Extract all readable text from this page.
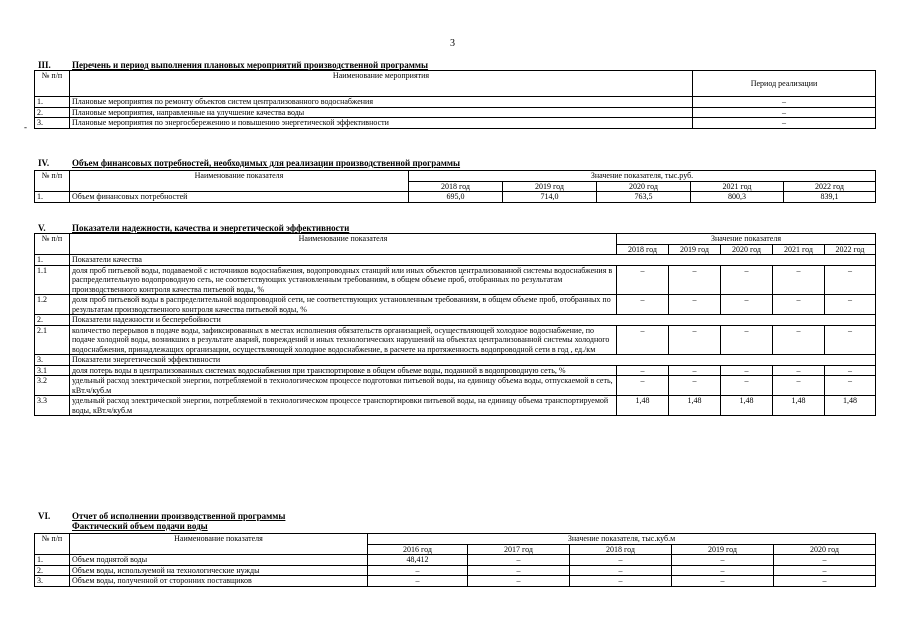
3
III. Перечень и период выполнения плановых мероприятий производственной программы
-
№ п/п	Наименование мероприятия	Период реализации
1.	Плановые мероприятия по ремонту объектов систем централизованного водоснабжения	–
2.	Плановые мероприятия, направленные на улучшение качества воды	–
3.	Плановые мероприятия по энергосбережению и повышению энергетической эффективности	–
IV.	Объем финансовых потребностей, необходимых для реализации производственной программы
№ п/п	Наименование показателя	Значение показателя, тыс.руб.				
		2018 год	2019 год	2020 год	2021 год	2022 год
1.	Объем финансовых потребностей	695,0	714,0	763,5	800,3	839,1
V.	Показатели надежности, качества и энергетической эффективности
№ п/п	Наименование показателя	Значение показателя				
		2018 год	2019 год	2020 год	2021 год	2022 год
1.	Показатели качества					
1.1	доля проб питьевой воды, подаваемой с источников водоснабжения, водопроводных станций или иных объектов централизованной системы водоснабжения в распределительную водопроводную сеть, не соответствующих установленным требованиям, в общем объеме проб, отобранных по результатам производственного контроля качества питьевой воды, %	–	–	–	–	–
1.2	доля проб питьевой воды в распределительной водопроводной сети, не соответствующих установленным требованиям, в общем объеме проб, отобранных по результатам производственного контроля качества питьевой воды, %	–	–	–	–	–
2.	Показатели надежности и бесперебойности					
2.1	количество перерывов в подаче воды, зафиксированных в местах исполнения обязательств организацией, осуществляющей холодное водоснабжение, по подаче холодной воды, возникших в результате аварий, повреждений и иных технологических нарушений на объектах централизованной системы холодного водоснабжения, принадлежащих организации, осуществляющей холодное водоснабжение, в расчете на протяженность водопроводной сети в год , ед./км	–	–	–	–	–
3.	Показатели энергетической эффективности					
3.1	доля потерь воды в централизованных системах водоснабжения при транспортировке в общем объеме воды, поданной в водопроводную сеть, %	–	–	–	–	–
3.2	удельный расход электрической энергии, потребляемой в технологическом процессе подготовки питьевой воды, на единицу объема воды, отпускаемой в сеть, кВт.ч/куб.м	–	–	–	–	–
3.3	удельный расход электрической энергии, потребляемой в технологическом процессе транспортировки питьевой воды, на единицу объема транспортируемой воды, кВт.ч/куб.м	1,48	1,48	1,48	1,48	1,48
VI. Отчет об исполнении производственной программы
Фактический объем подачи воды
№ п/п	Наименование показателя	Значение показателя, тыс.куб.м				
		2016 год	2017 год	2018 год	2019 год	2020 год
1.	Объем поднятой воды	48,412	–	–	–	–
2.	Объем воды, используемой на технологические нужды	–	–	–	–	–
3.	Объем воды, полученной от сторонних поставщиков	–	–	–	–	–
